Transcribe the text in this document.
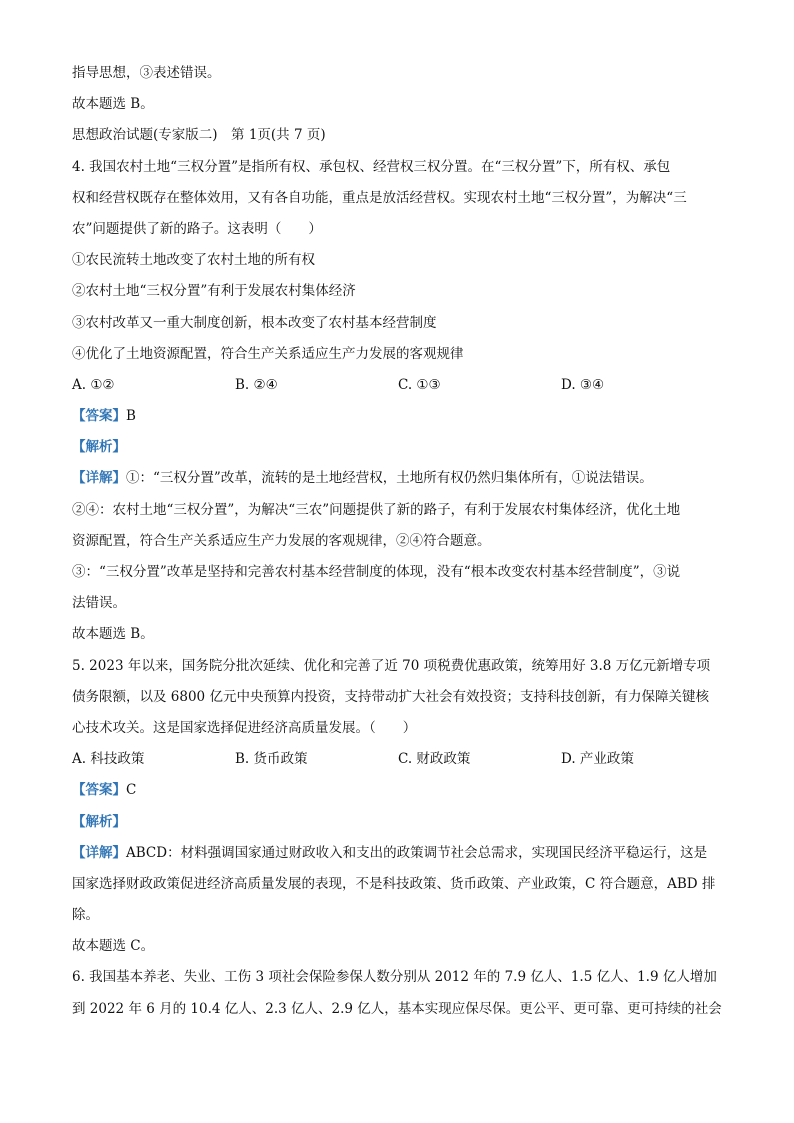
指导思想，③表述错误。
故本题选 B。
思想政治试题(专家版二)　第 1页(共 7 页)
4. 我国农村土地“三权分置”是指所有权、承包权、经营权三权分置。在“三权分置”下，所有权、承包
权和经营权既存在整体效用，又有各自功能，重点是放活经营权。实现农村土地“三权分置”，为解决“三
农”问题提供了新的路子。这表明（　　）
①农民流转土地改变了农村土地的所有权
②农村土地“三权分置”有利于发展农村集体经济
③农村改革又一重大制度创新，根本改变了农村基本经营制度
④优化了土地资源配置，符合生产关系适应生产力发展的客观规律
A. ①②	B. ②④	C. ①③	D. ③④
【答案】B
【解析】
【详解】①：“三权分置”改革，流转的是土地经营权，土地所有权仍然归集体所有，①说法错误。
②④：农村土地“三权分置”，为解决“三农”问题提供了新的路子，有利于发展农村集体经济，优化土地
资源配置，符合生产关系适应生产力发展的客观规律，②④符合题意。
③：“三权分置”改革是坚持和完善农村基本经营制度的体现，没有“根本改变农村基本经营制度”，③说
法错误。
故本题选 B。
5. 2023 年以来，国务院分批次延续、优化和完善了近 70 项税费优惠政策，统筹用好 3.8 万亿元新增专项
债务限额，以及 6800 亿元中央预算内投资，支持带动扩大社会有效投资；支持科技创新，有力保障关键核
心技术攻关。这是国家选择促进经济高质量发展。（　　）
A. 科技政策	B. 货币政策	C. 财政政策	D. 产业政策
【答案】C
【解析】
【详解】ABCD：材料强调国家通过财政收入和支出的政策调节社会总需求，实现国民经济平稳运行，这是
国家选择财政政策促进经济高质量发展的表现，不是科技政策、货币政策、产业政策，C 符合题意，ABD 排
除。
故本题选 C。
6. 我国基本养老、失业、工伤 3 项社会保险参保人数分别从 2012 年的 7.9 亿人、1.5 亿人、1.9 亿人增加
到 2022 年 6 月的 10.4 亿人、2.3 亿人、2.9 亿人，基本实现应保尽保。更公平、更可靠、更可持续的社会
